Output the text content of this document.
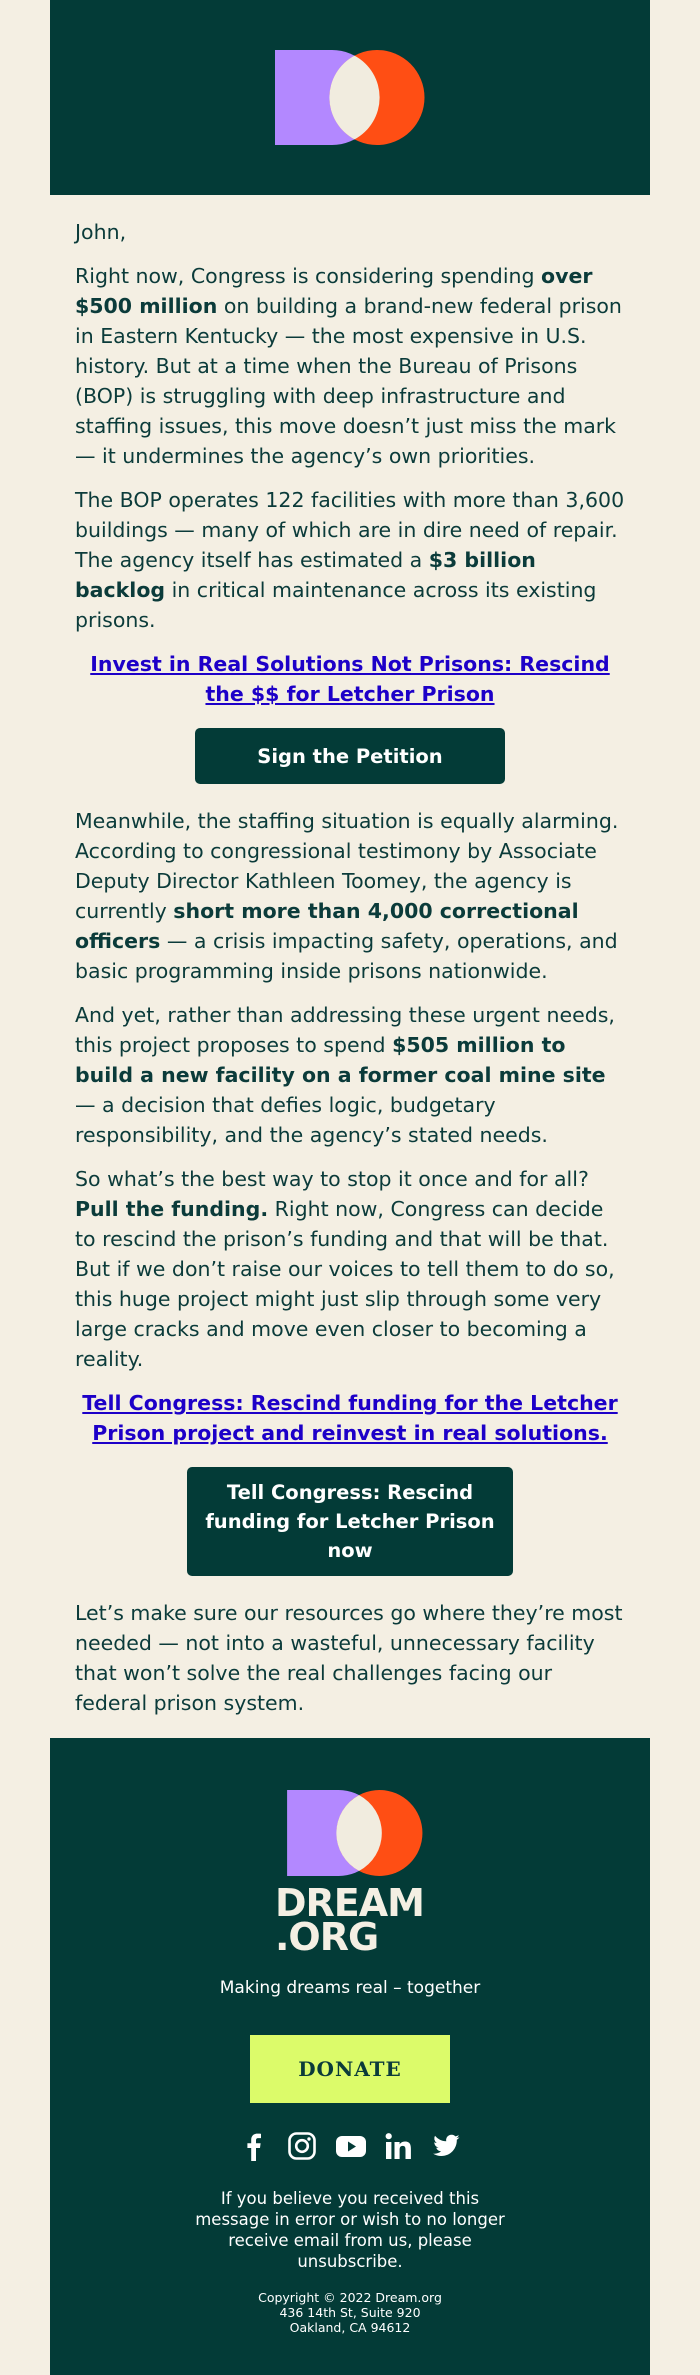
John,

Right now, Congress is considering spending over $500 million on building a brand-new federal prison in Eastern Kentucky — the most expensive in U.S. history. But at a time when the Bureau of Prisons (BOP) is struggling with deep infrastructure and staffing issues, this move doesn’t just miss the mark — it undermines the agency’s own priorities.

The BOP operates 122 facilities with more than 3,600 buildings — many of which are in dire need of repair. The agency itself has estimated a $3 billion backlog in critical maintenance across its existing prisons.

Invest in Real Solutions Not Prisons: Rescind the $$ for Letcher Prison
Sign the Petition

Meanwhile, the staffing situation is equally alarming. According to congressional testimony by Associate Deputy Director Kathleen Toomey, the agency is currently short more than 4,000 correctional officers — a crisis impacting safety, operations, and basic programming inside prisons nationwide.

And yet, rather than addressing these urgent needs, this project proposes to spend $505 million to build a new facility on a former coal mine site — a decision that defies logic, budgetary responsibility, and the agency’s stated needs.

So what’s the best way to stop it once and for all? Pull the funding. Right now, Congress can decide to rescind the prison’s funding and that will be that. But if we don’t raise our voices to tell them to do so, this huge project might just slip through some very large cracks and move even closer to becoming a reality.

Tell Congress: Rescind funding for the Letcher Prison project and reinvest in real solutions.
Tell Congress: Rescind funding for Letcher Prison now

Let’s make sure our resources go where they’re most needed — not into a wasteful, unnecessary facility that won’t solve the real challenges facing our federal prison system.

DREAM
.ORG
Making dreams real – together
DONATE
If you believe you received this message in error or wish to no longer receive email from us, please unsubscribe.
Copyright © 2022 Dream.org
436 14th St, Suite 920
Oakland, CA 94612
